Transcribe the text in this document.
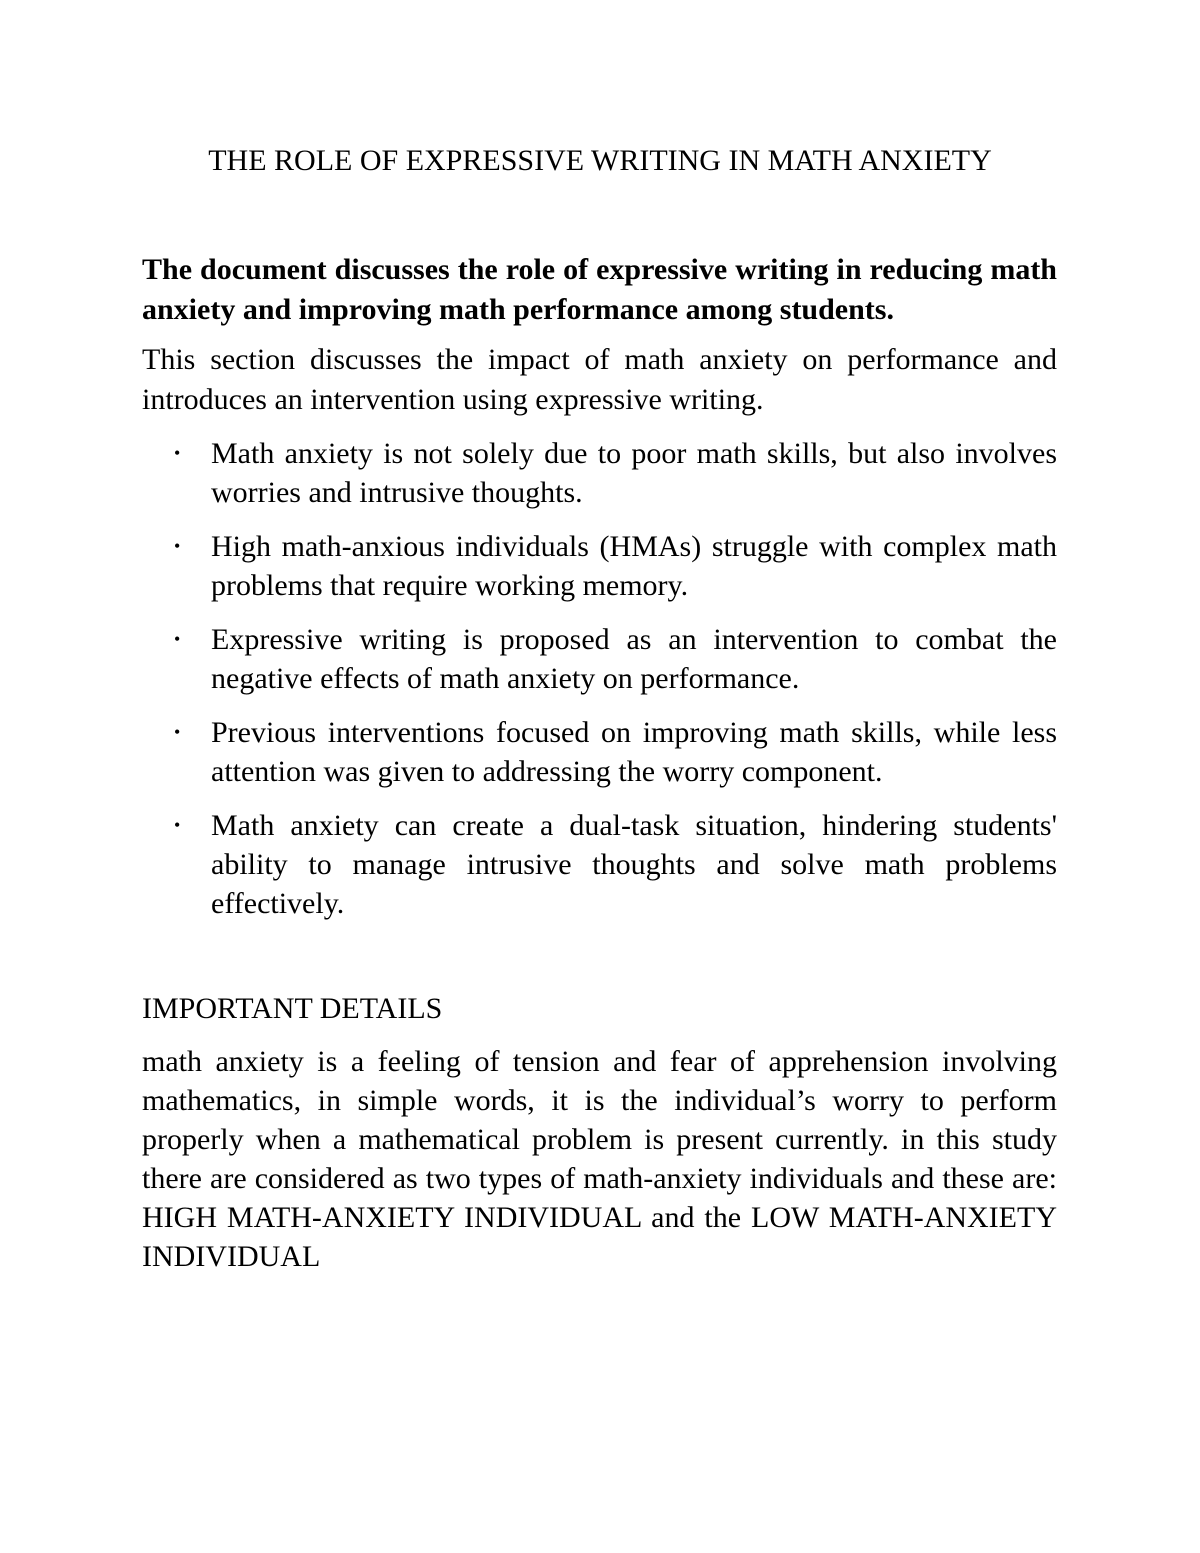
THE ROLE OF EXPRESSIVE WRITING IN MATH ANXIETY

The document discusses the role of expressive writing in reducing math anxiety and improving math performance among students.

This section discusses the impact of math anxiety on performance and introduces an intervention using expressive writing.

• Math anxiety is not solely due to poor math skills, but also involves worries and intrusive thoughts.
• High math-anxious individuals (HMAs) struggle with complex math problems that require working memory.
• Expressive writing is proposed as an intervention to combat the negative effects of math anxiety on performance.
• Previous interventions focused on improving math skills, while less attention was given to addressing the worry component.
• Math anxiety can create a dual-task situation, hindering students' ability to manage intrusive thoughts and solve math problems effectively.

IMPORTANT DETAILS

math anxiety is a feeling of tension and fear of apprehension involving mathematics, in simple words, it is the individual’s worry to perform properly when a mathematical problem is present currently. in this study there are considered as two types of math-anxiety individuals and these are: HIGH MATH-ANXIETY INDIVIDUAL and the LOW MATH-ANXIETY INDIVIDUAL
